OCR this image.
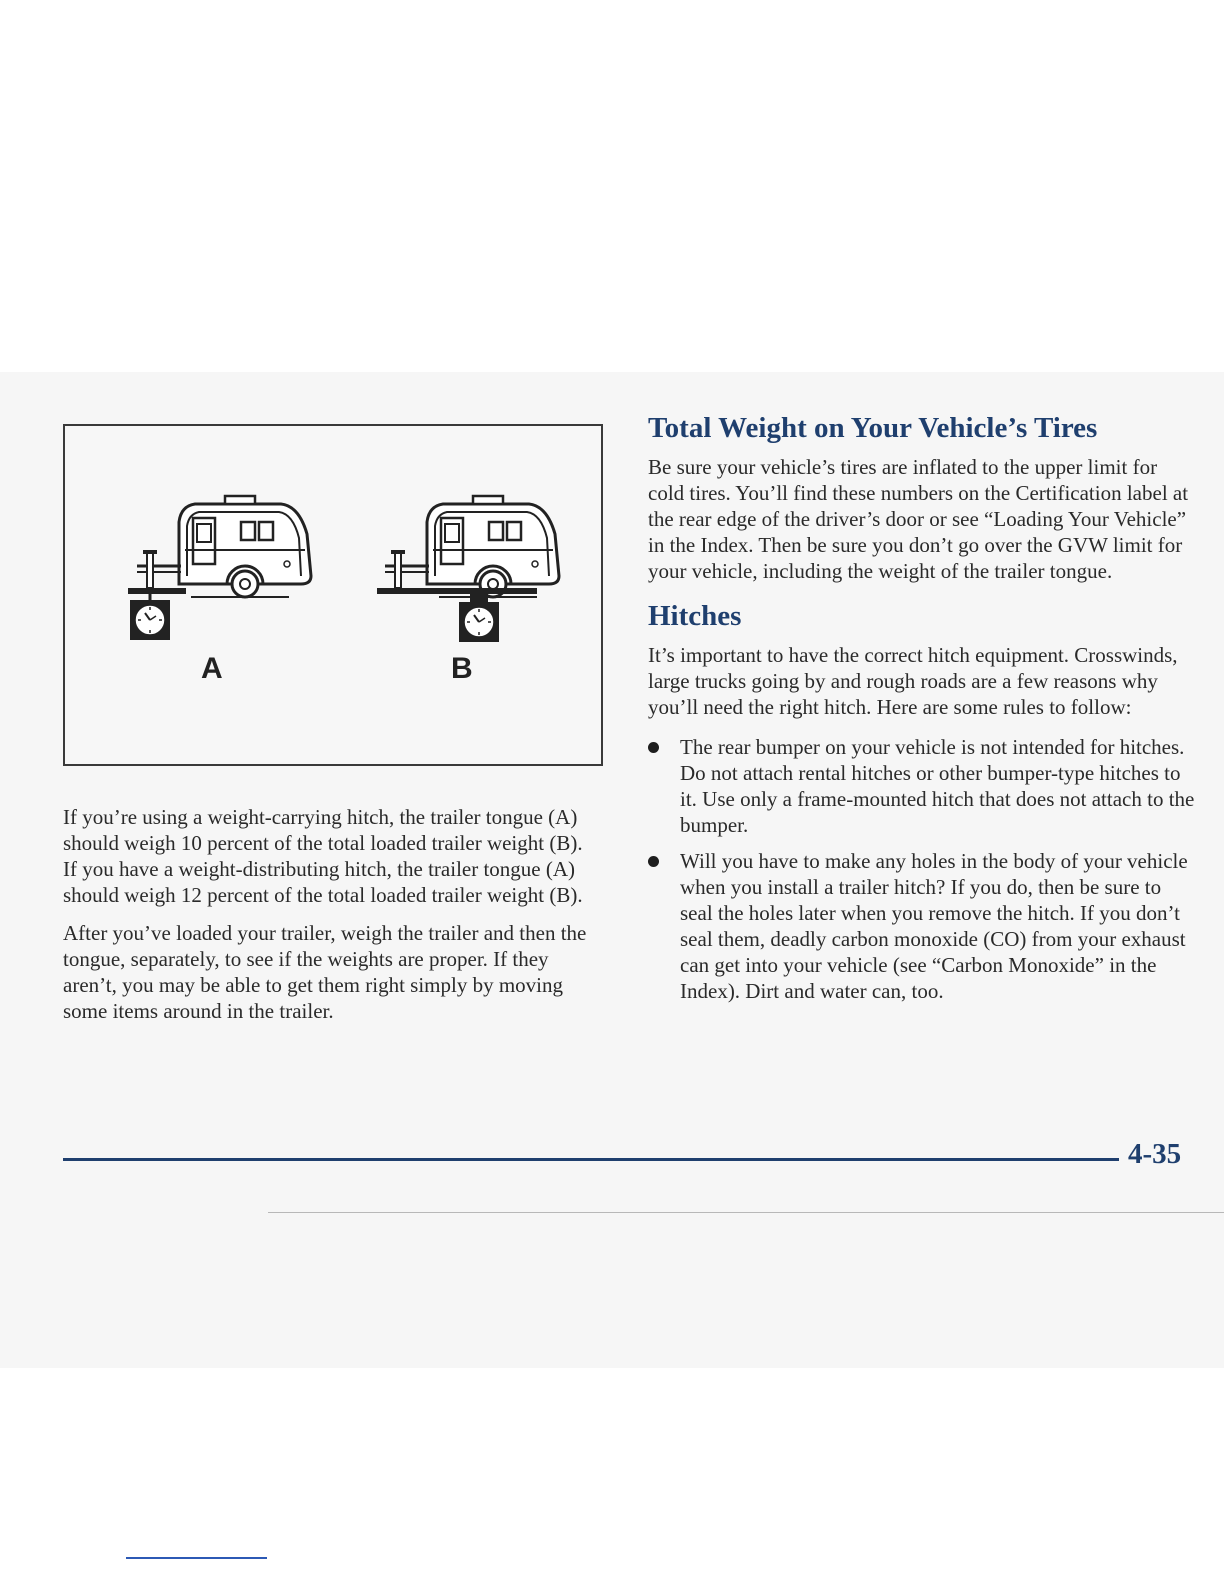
A	B

If you’re using a weight-carrying hitch, the trailer tongue (A) should weigh 10 percent of the total loaded trailer weight (B). If you have a weight-distributing hitch, the trailer tongue (A) should weigh 12 percent of the total loaded trailer weight (B).

After you’ve loaded your trailer, weigh the trailer and then the tongue, separately, to see if the weights are proper. If they aren’t, you may be able to get them right simply by moving some items around in the trailer.

Total Weight on Your Vehicle’s Tires

Be sure your vehicle’s tires are inflated to the upper limit for cold tires. You’ll find these numbers on the Certification label at the rear edge of the driver’s door or see “Loading Your Vehicle” in the Index. Then be sure you don’t go over the GVW limit for your vehicle, including the weight of the trailer tongue.

Hitches

It’s important to have the correct hitch equipment. Crosswinds, large trucks going by and rough roads are a few reasons why you’ll need the right hitch. Here are some rules to follow:

The rear bumper on your vehicle is not intended for hitches. Do not attach rental hitches or other bumper-type hitches to it. Use only a frame-mounted hitch that does not attach to the bumper.
Will you have to make any holes in the body of your vehicle when you install a trailer hitch? If you do, then be sure to seal the holes later when you remove the hitch. If you don’t seal them, deadly carbon monoxide (CO) from your exhaust can get into your vehicle (see “Carbon Monoxide” in the Index). Dirt and water can, too.
4-35
